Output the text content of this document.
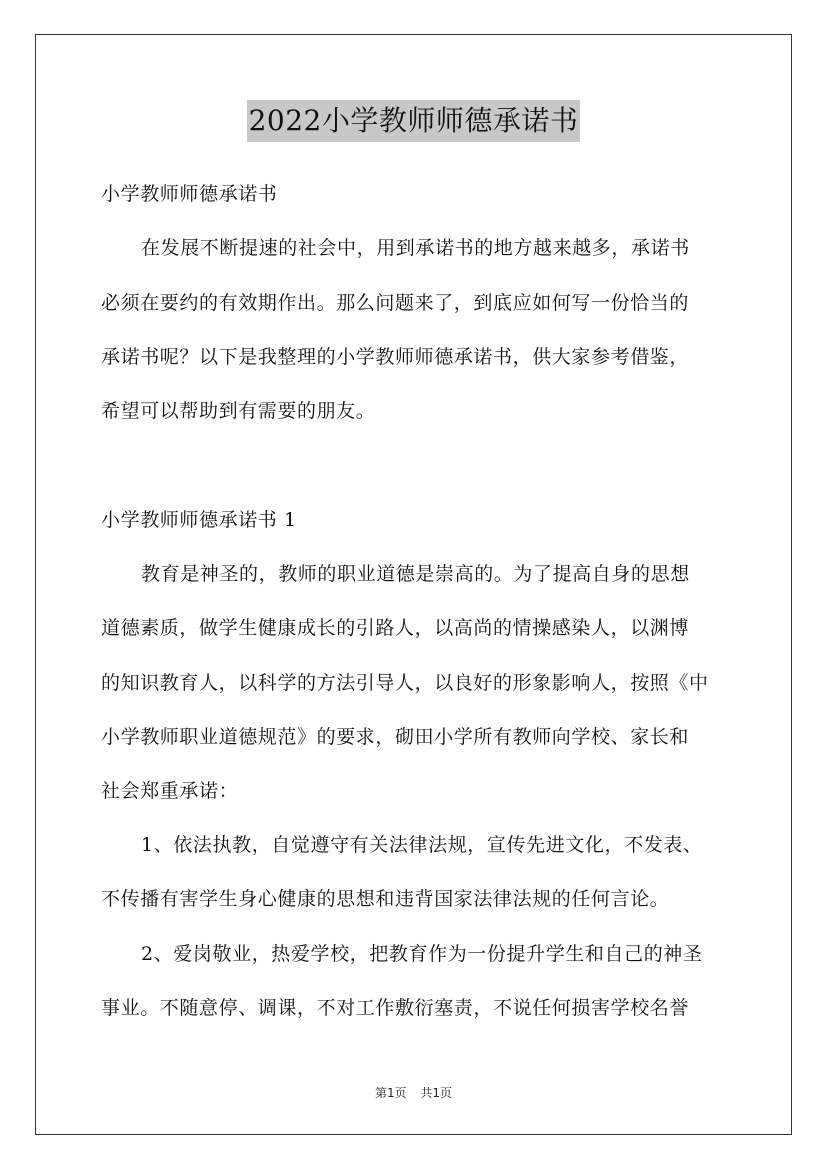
2022小学教师师德承诺书
小学教师师德承诺书
在发展不断提速的社会中，用到承诺书的地方越来越多，承诺书
必须在要约的有效期作出。那么问题来了，到底应如何写一份恰当的
承诺书呢？以下是我整理的小学教师师德承诺书，供大家参考借鉴，
希望可以帮助到有需要的朋友。
小学教师师德承诺书 1
教育是神圣的，教师的职业道德是崇高的。为了提高自身的思想
道德素质，做学生健康成长的引路人，以高尚的情操感染人，以渊博
的知识教育人，以科学的方法引导人，以良好的形象影响人，按照《中
小学教师职业道德规范》的要求，砌田小学所有教师向学校、家长和
社会郑重承诺：
1、依法执教，自觉遵守有关法律法规，宣传先进文化，不发表、
不传播有害学生身心健康的思想和违背国家法律法规的任何言论。
2、爱岗敬业，热爱学校，把教育作为一份提升学生和自己的神圣
事业。不随意停、调课，不对工作敷衍塞责，不说任何损害学校名誉
第1页 共1页
